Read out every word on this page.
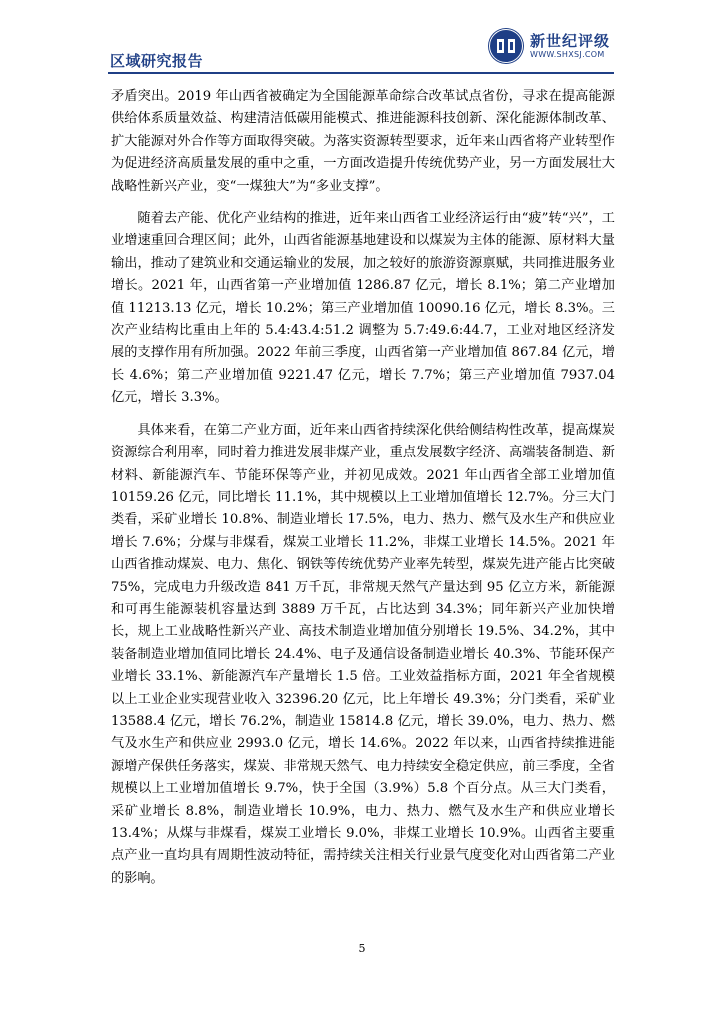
新世纪评级
WWW.SHXSJ.COM
区域研究报告

矛盾突出。2019 年山西省被确定为全国能源革命综合改革试点省份，寻求在提高能源供给体系质量效益、构建清洁低碳用能模式、推进能源科技创新、深化能源体制改革、扩大能源对外合作等方面取得突破。为落实资源转型要求，近年来山西省将产业转型作为促进经济高质量发展的重中之重，一方面改造提升传统优势产业，另一方面发展壮大战略性新兴产业，变“一煤独大”为“多业支撑”。

随着去产能、优化产业结构的推进，近年来山西省工业经济运行由“疲”转“兴”，工业增速重回合理区间；此外，山西省能源基地建设和以煤炭为主体的能源、原材料大量输出，推动了建筑业和交通运输业的发展，加之较好的旅游资源禀赋，共同推进服务业增长。2021 年，山西省第一产业增加值 1286.87 亿元，增长 8.1%；第二产业增加值 11213.13 亿元，增长 10.2%；第三产业增加值 10090.16 亿元，增长 8.3%。三次产业结构比重由上年的 5.4:43.4:51.2 调整为 5.7:49.6:44.7，工业对地区经济发展的支撑作用有所加强。2022 年前三季度，山西省第一产业增加值 867.84 亿元，增长 4.6%；第二产业增加值 9221.47 亿元，增长 7.7%；第三产业增加值 7937.04 亿元，增长 3.3%。

具体来看，在第二产业方面，近年来山西省持续深化供给侧结构性改革，提高煤炭资源综合利用率，同时着力推进发展非煤产业，重点发展数字经济、高端装备制造、新材料、新能源汽车、节能环保等产业，并初见成效。2021 年山西省全部工业增加值 10159.26 亿元，同比增长 11.1%，其中规模以上工业增加值增长 12.7%。分三大门类看，采矿业增长 10.8%、制造业增长 17.5%，电力、热力、燃气及水生产和供应业增长 7.6%；分煤与非煤看，煤炭工业增长 11.2%，非煤工业增长 14.5%。2021 年山西省推动煤炭、电力、焦化、钢铁等传统优势产业率先转型，煤炭先进产能占比突破 75%，完成电力升级改造 841 万千瓦，非常规天然气产量达到 95 亿立方米，新能源和可再生能源装机容量达到 3889 万千瓦，占比达到 34.3%；同年新兴产业加快增长，规上工业战略性新兴产业、高技术制造业增加值分别增长 19.5%、34.2%，其中装备制造业增加值同比增长 24.4%、电子及通信设备制造业增长 40.3%、节能环保产业增长 33.1%、新能源汽车产量增长 1.5 倍。工业效益指标方面，2021 年全省规模以上工业企业实现营业收入 32396.20 亿元，比上年增长 49.3%；分门类看，采矿业 13588.4 亿元，增长 76.2%，制造业 15814.8 亿元，增长 39.0%，电力、热力、燃气及水生产和供应业 2993.0 亿元，增长 14.6%。2022 年以来，山西省持续推进能源增产保供任务落实，煤炭、非常规天然气、电力持续安全稳定供应，前三季度，全省规模以上工业增加值增长 9.7%，快于全国（3.9%）5.8 个百分点。从三大门类看，采矿业增长 8.8%，制造业增长 10.9%，电力、热力、燃气及水生产和供应业增长 13.4%；从煤与非煤看，煤炭工业增长 9.0%，非煤工业增长 10.9%。山西省主要重点产业一直均具有周期性波动特征，需持续关注相关行业景气度变化对山西省第二产业的影响。

5
